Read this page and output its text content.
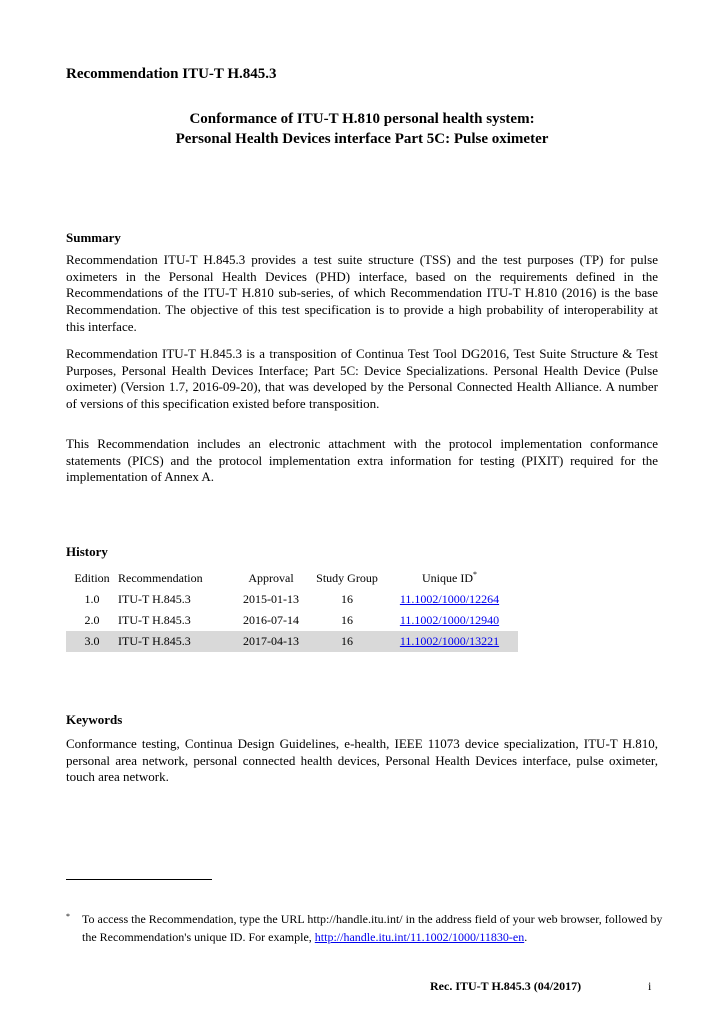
Recommendation ITU-T H.845.3
Conformance of ITU-T H.810 personal health system:
Personal Health Devices interface Part 5C: Pulse oximeter
Summary

Recommendation ITU-T H.845.3 provides a test suite structure (TSS) and the test purposes (TP) for pulse oximeters in the Personal Health Devices (PHD) interface, based on the requirements defined in the Recommendations of the ITU-T H.810 sub-series, of which Recommendation ITU-T H.810 (2016) is the base Recommendation. The objective of this test specification is to provide a high probability of interoperability at this interface.

Recommendation ITU-T H.845.3 is a transposition of Continua Test Tool DG2016, Test Suite Structure & Test Purposes, Personal Health Devices Interface; Part 5C: Device Specializations. Personal Health Device (Pulse oximeter) (Version 1.7, 2016-09-20), that was developed by the Personal Connected Health Alliance. A number of versions of this specification existed before transposition.

This Recommendation includes an electronic attachment with the protocol implementation conformance statements (PICS) and the protocol implementation extra information for testing (PIXIT) required for the implementation of Annex A.

History
Edition	Recommendation	Approval	Study Group	Unique ID*
1.0	ITU-T H.845.3	2015-01-13	16	11.1002/1000/12264
2.0	ITU-T H.845.3	2016-07-14	16	11.1002/1000/12940
3.0	ITU-T H.845.3	2017-04-13	16	11.1002/1000/13221
Keywords

Conformance testing, Continua Design Guidelines, e-health, IEEE 11073 device specialization, ITU-T H.810, personal area network, personal connected health devices, Personal Health Devices interface, pulse oximeter, touch area network.

* To access the Recommendation, type the URL http://handle.itu.int/ in the address field of your web browser, followed by the Recommendation's unique ID. For example, http://handle.itu.int/11.1002/1000/11830-en.
Rec. ITU-T H.845.3 (04/2017)	i
